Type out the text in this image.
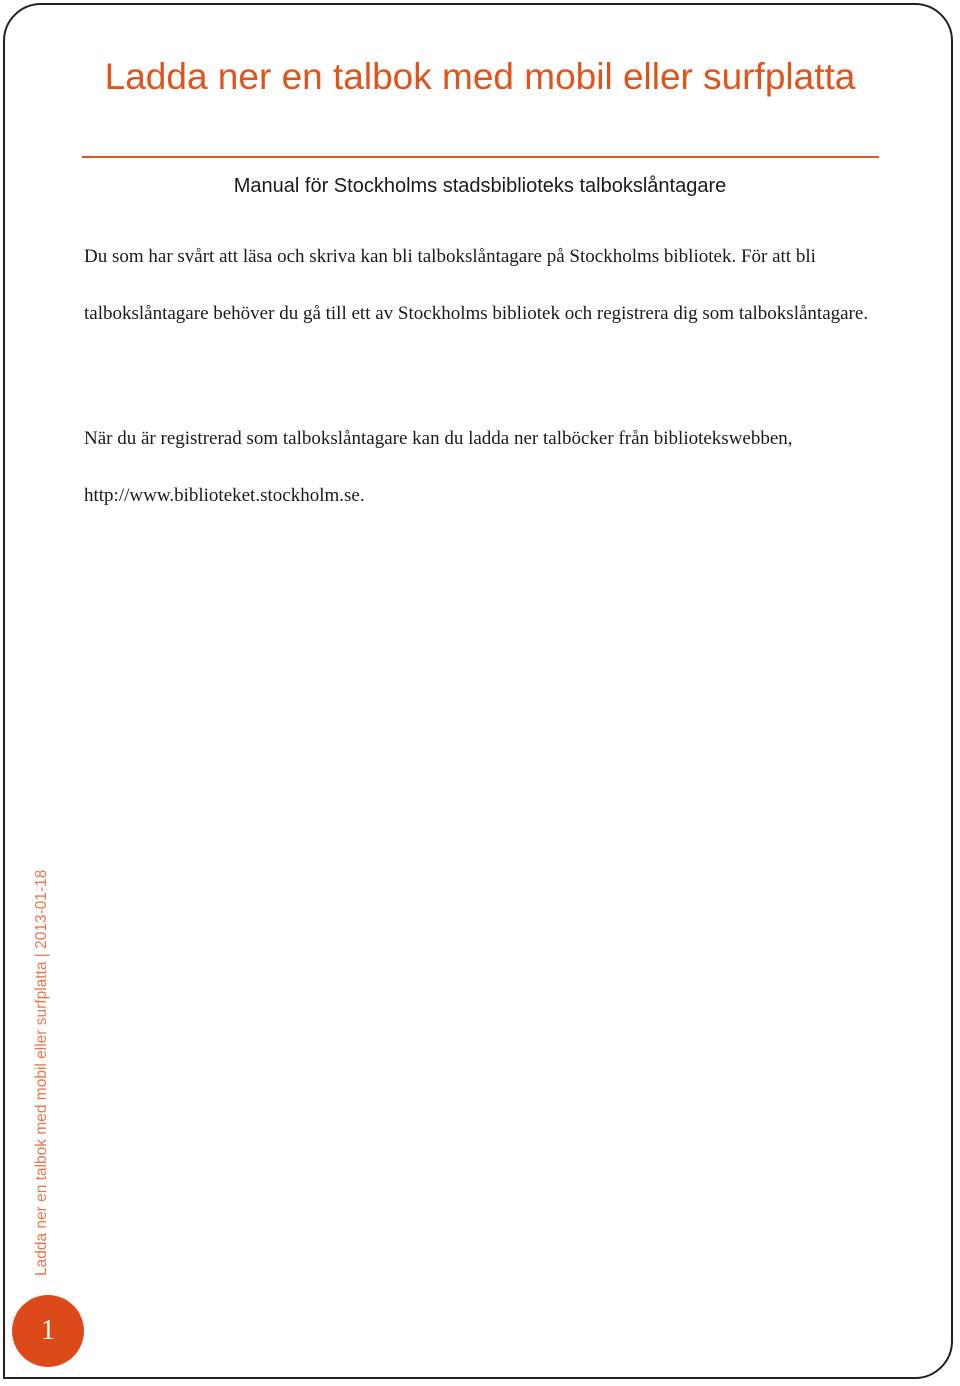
Ladda ner en talbok med mobil eller surfplatta

Manual för Stockholms stadsbiblioteks talbokslåntagare

Du som har svårt att läsa och skriva kan bli talbokslåntagare på Stockholms bibliotek. För att bli talbokslåntagare behöver du gå till ett av Stockholms bibliotek och registrera dig som talbokslåntagare.

När du är registrerad som talbokslåntagare kan du ladda ner talböcker från bibliotekswebben, http://www.biblioteket.stockholm.se.

Ladda ner en talbok med mobil eller surfplatta | 2013-01-18
1
